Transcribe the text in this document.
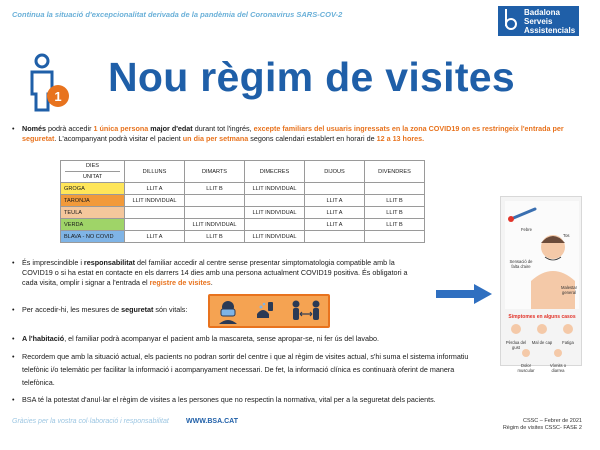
Continua la situació d'excepcionalitat derivada de la pandèmia del Coronavirus SARS-COV-2	Badalona
Serveis
Assistencials
1 Nou règim de visites
• Només podrà accedir 1 única persona major d'edat durant tot l'ingrés, excepte familiars del usuaris ingressats en la zona COVID19 on es restringeix l'entrada per seguretat. L'acompanyant podrà visitar el pacient un dia per setmana segons calendari establert en horari de 12 a 13 hores.
DIES
UNITAT	DILLUNS	DIMARTS	DIMECRES	DIJOUS	DIVENDRES
GROGA	LLIT A	LLIT B	LLIT INDIVIDUAL		
TARONJA	LLIT INDIVIDUAL			LLIT A	LLIT B
TEULA			LLIT INDIVIDUAL	LLIT A	LLIT B
VERDA		LLIT INDIVIDUAL		LLIT A	LLIT B
BLAVA - NO COVID	LLIT A	LLIT B	LLIT INDIVIDUAL		
• És imprescindible i responsabilitat del familiar accedir al centre sense presentar simptomatologia compatible amb la COVID19 o si ha estat en contacte en els darrers 14 dies amb una persona actualment COVID19 positiva. És obligatori a cada visita, omplir i signar a l'entrada el registre de visites.
• Per accedir-hi, les mesures de seguretat són vitals:
• A l'habitació, el familiar podrà acompanyar el pacient amb la mascareta, sense apropar-se, ni fer ús del lavabo.
• Recordem que amb la situació actual, els pacients no podran sortir del centre i que al règim de visites actual, s'hi suma el sistema informatiu telefònic i/o telemàtic per facilitar la informació i acompanyament necessari. De fet, la informació clínica es continuarà oferint de manera telefònica.
• BSA té la potestat d'anul·lar el règim de visites a les persones que no respectin la normativa, vital per a la seguretat dels pacients.
Febre
Tos
Sensació de falta d'aire
Malestar general
Símptomes en alguns casos
Pèrdua del gust
Mal de cap	Fatiga
Dolor muscular
Vòmits o diarrea
Gràcies per la vostra col·laboració i responsabilitat WWW.BSA.CAT	CSSC – Febrer de 2021
Règim de visites CSSC- FASE 2
